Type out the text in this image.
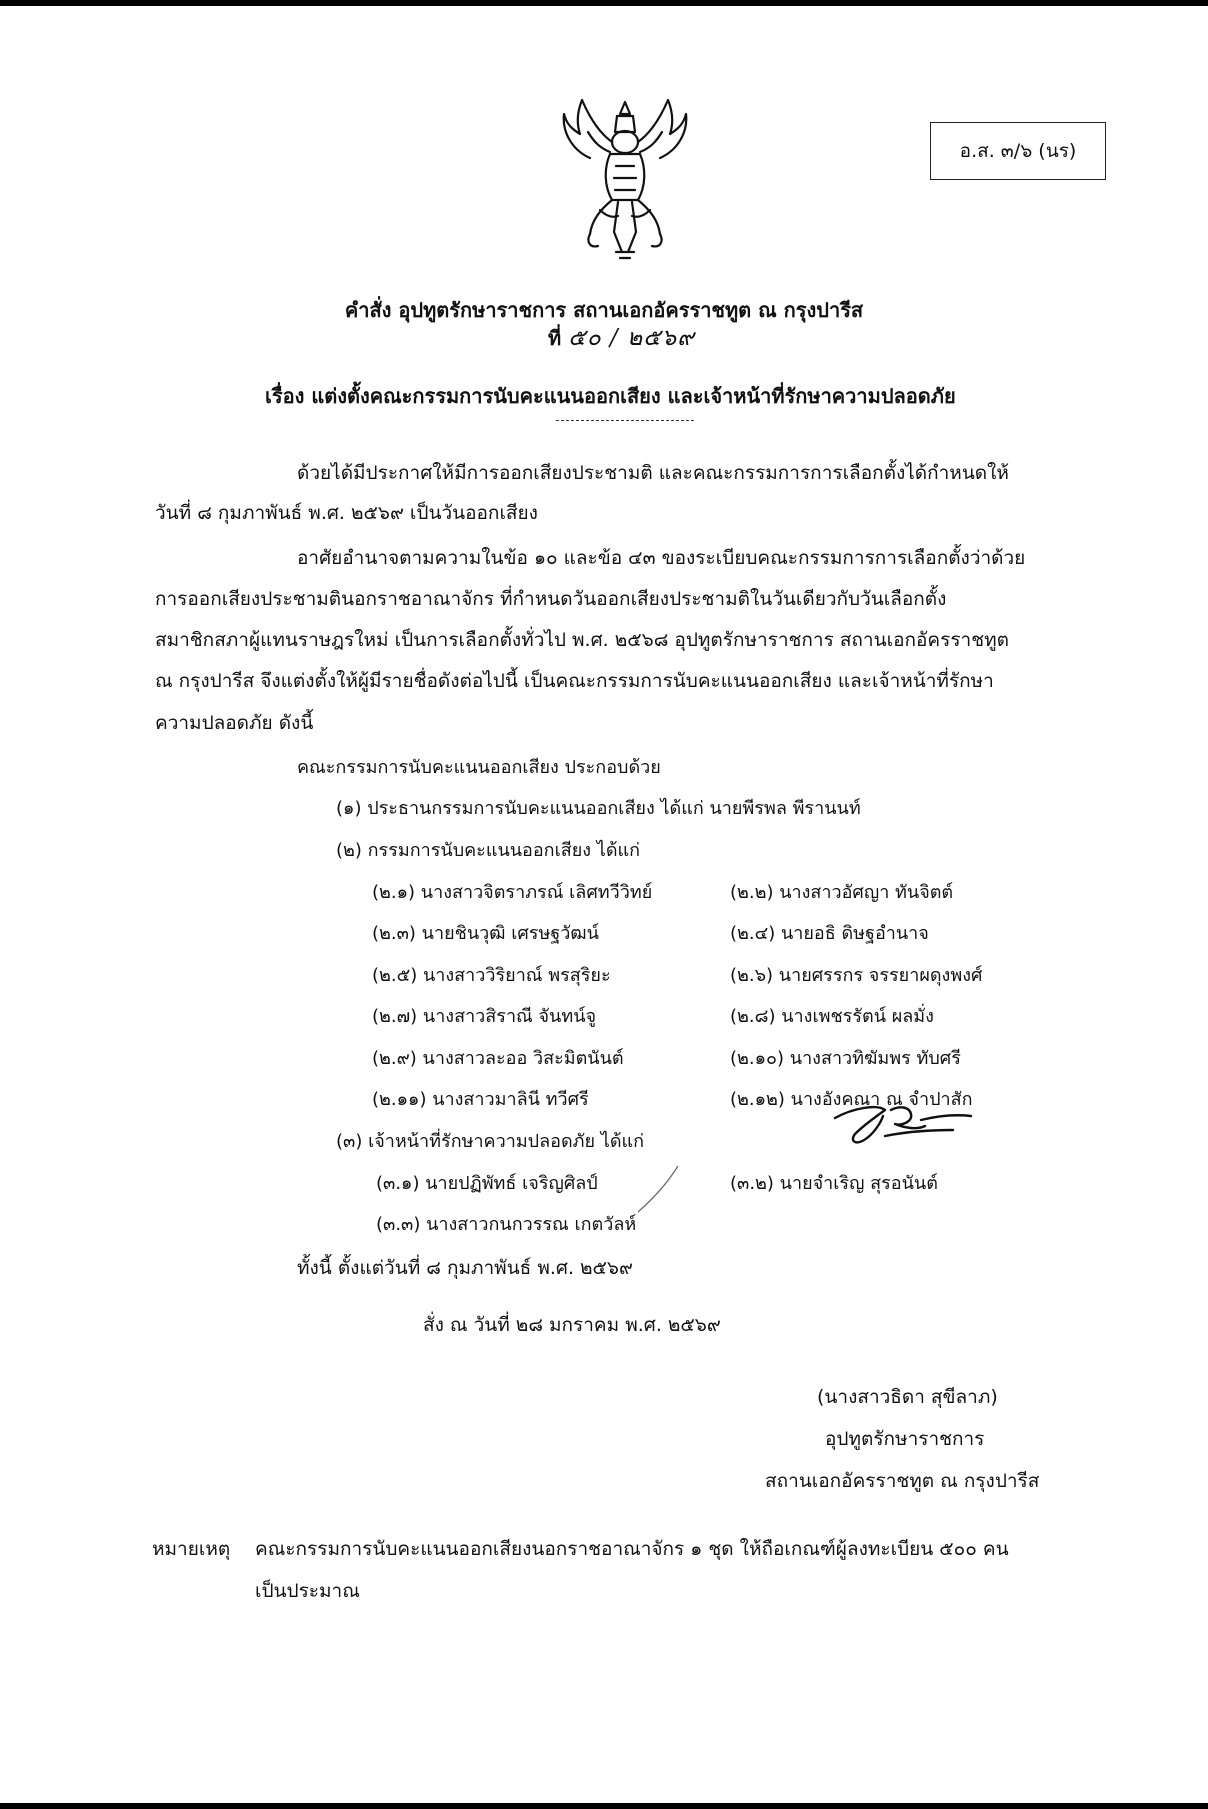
อ.ส. ๓/๖ (นร)
คำสั่ง อุปทูตรักษาราชการ สถานเอกอัครราชทูต ณ กรุงปารีส
ที่ ๕๐ / ๒๕๖๙
เรื่อง แต่งตั้งคณะกรรมการนับคะแนนออกเสียง และเจ้าหน้าที่รักษาความปลอดภัย
ด้วยได้มีประกาศให้มีการออกเสียงประชามติ และคณะกรรมการการเลือกตั้งได้กำหนดให้
วันที่ ๘ กุมภาพันธ์ พ.ศ. ๒๕๖๙ เป็นวันออกเสียง
อาศัยอำนาจตามความในข้อ ๑๐ และข้อ ๔๓ ของระเบียบคณะกรรมการการเลือกตั้งว่าด้วย
การออกเสียงประชามตินอกราชอาณาจักร ที่กำหนดวันออกเสียงประชามติในวันเดียวกับวันเลือกตั้ง
สมาชิกสภาผู้แทนราษฎรใหม่ เป็นการเลือกตั้งทั่วไป พ.ศ. ๒๕๖๘ อุปทูตรักษาราชการ สถานเอกอัครราชทูต
ณ กรุงปารีส จึงแต่งตั้งให้ผู้มีรายชื่อดังต่อไปนี้ เป็นคณะกรรมการนับคะแนนออกเสียง และเจ้าหน้าที่รักษา
ความปลอดภัย ดังนี้
คณะกรรมการนับคะแนนออกเสียง ประกอบด้วย
(๑) ประธานกรรมการนับคะแนนออกเสียง ได้แก่ นายพีรพล พีรานนท์
(๒) กรรมการนับคะแนนออกเสียง ได้แก่
(๒.๑) นางสาวจิตราภรณ์ เลิศทวีวิทย์
(๒.๓) นายชินวุฒิ เศรษฐวัฒน์
(๒.๕) นางสาววิริยาณ์ พรสุริยะ
(๒.๗) นางสาวสิราณี จันทน์จู
(๒.๙) นางสาวละออ วิสะมิตนันต์
(๒.๑๑) นางสาวมาลินี ทวีศรี
(๒.๒) นางสาวอัศญา ทันจิตต์
(๒.๔) นายอธิ ดิษฐอำนาจ
(๒.๖) นายศรรกร จรรยาผดุงพงศ์
(๒.๘) นางเพชรรัตน์ ผลมั่ง
(๒.๑๐) นางสาวทิฆัมพร ทับศรี
(๒.๑๒) นางอังคณา ณ จำปาสัก
(๓) เจ้าหน้าที่รักษาความปลอดภัย ได้แก่
(๓.๑) นายปฏิพัทธ์ เจริญศิลป์	(๓.๒) นายจำเริญ สุรอนันต์
(๓.๓) นางสาวกนกวรรณ เกตวัลห์
ทั้งนี้ ตั้งแต่วันที่ ๘ กุมภาพันธ์ พ.ศ. ๒๕๖๙
สั่ง ณ วันที่ ๒๘ มกราคม พ.ศ. ๒๕๖๙
(นางสาวธิดา สุขีลาภ)
อุปทูตรักษาราชการ
สถานเอกอัครราชทูต ณ กรุงปารีส
หมายเหตุ คณะกรรมการนับคะแนนออกเสียงนอกราชอาณาจักร ๑ ชุด ให้ถือเกณฑ์ผู้ลงทะเบียน ๕๐๐ คน
เป็นประมาณ
